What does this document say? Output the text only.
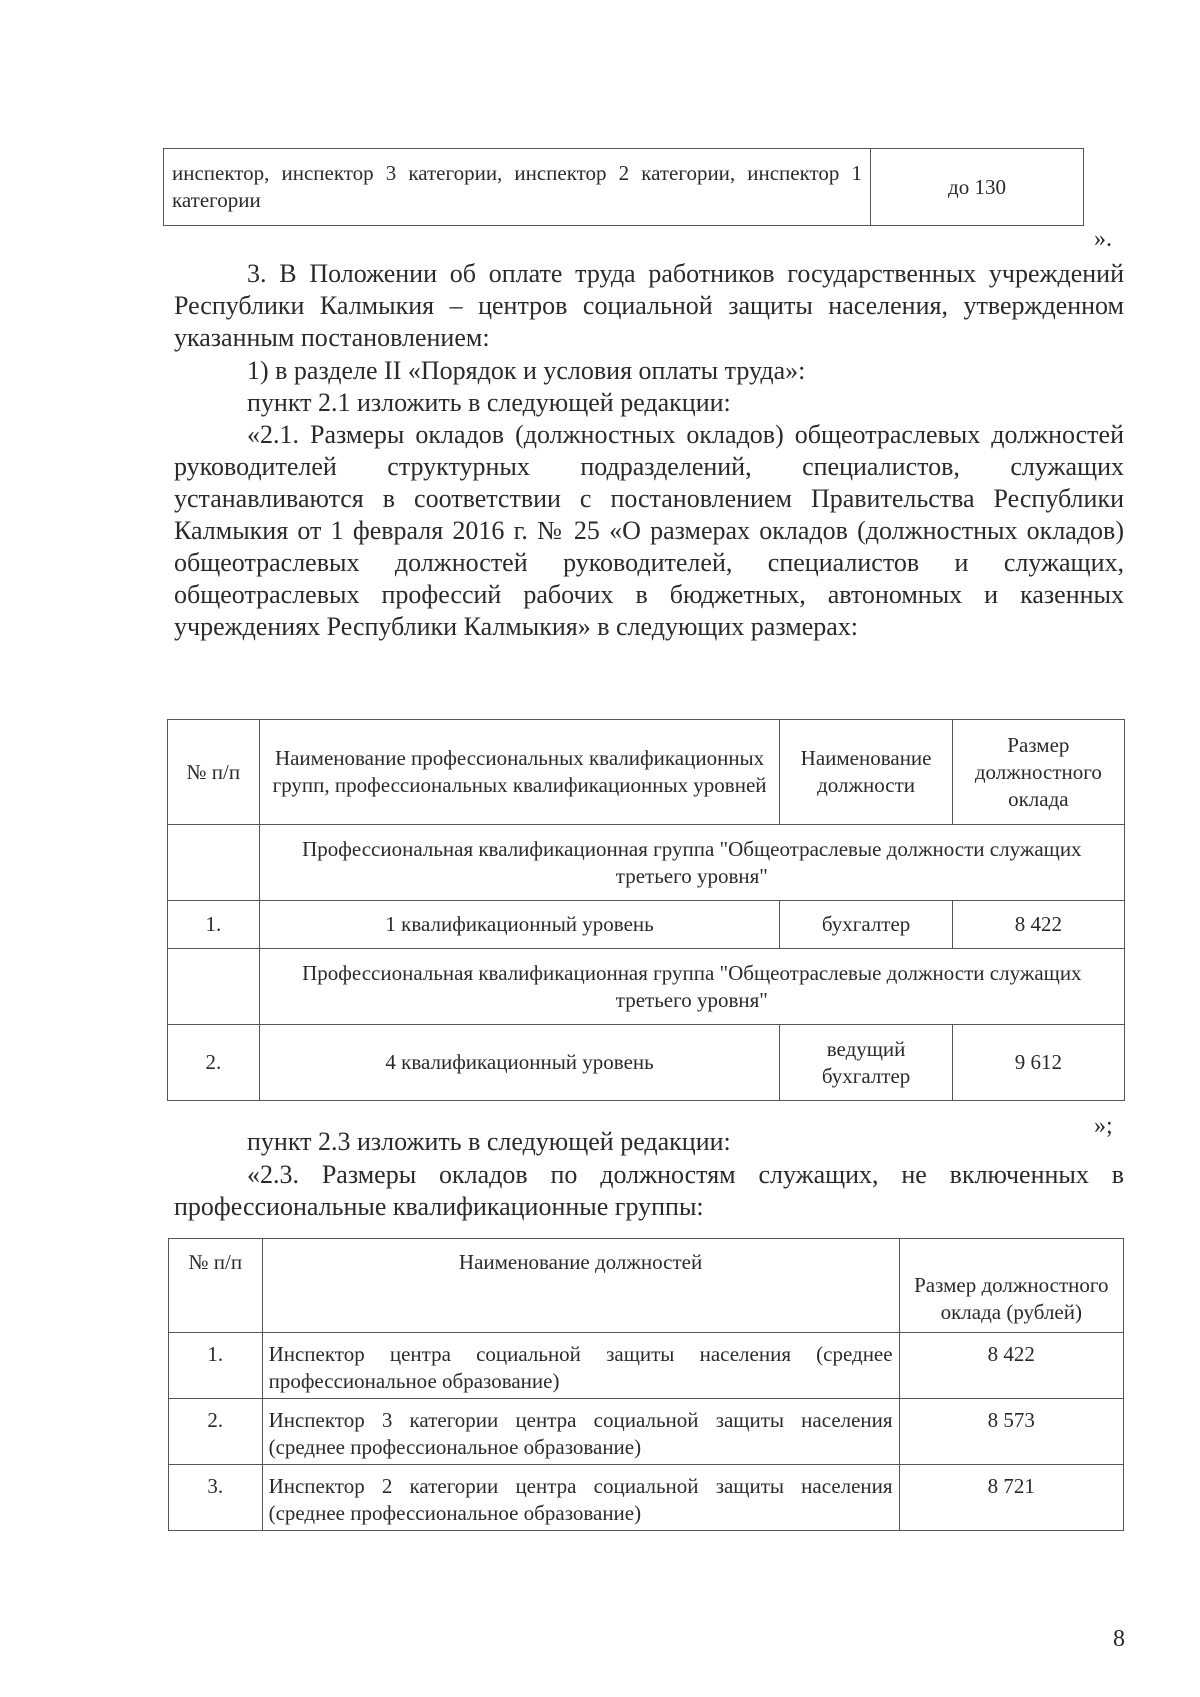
инспектор, инспектор 3 категории, инспектор 2 категории, инспектор 1 категории	до 130
».

3. В Положении об оплате труда работников государственных учреждений Республики Калмыкия – центров социальной защиты населения, утвержденном указанным постановлением:

1) в разделе II «Порядок и условия оплаты труда»:

пункт 2.1 изложить в следующей редакции:

«2.1. Размеры окладов (должностных окладов) общеотраслевых должностей руководителей структурных подразделений, специалистов, служащих устанавливаются в соответствии с постановлением Правительства Республики Калмыкия от 1 февраля 2016 г. № 25 «О размерах окладов (должностных окладов) общеотраслевых должностей руководителей, специалистов и служащих, общеотраслевых профессий рабочих в бюджетных, автономных и казенных учреждениях Республики Калмыкия» в следующих размерах:

№ п/п	Наименование профессиональных квалификационных групп, профессиональных квалификационных уровней	Наименование должности	Размер должностного оклада
	Профессиональная квалификационная группа "Общеотраслевые должности служащих третьего уровня"		
1.	1 квалификационный уровень	бухгалтер	8 422
	Профессиональная квалификационная группа "Общеотраслевые должности служащих третьего уровня"		
2.	4 квалификационный уровень	ведущий бухгалтер	9 612
»;

пункт 2.3 изложить в следующей редакции:

«2.3. Размеры окладов по должностям служащих, не включенных в профессиональные квалификационные группы:

№ п/п	Наименование должностей	Размер должностного оклада (рублей)
1.	Инспектор центра социальной защиты населения (среднее профессиональное образование)	8 422
2.	Инспектор 3 категории центра социальной защиты населения (среднее профессиональное образование)	8 573
3.	Инспектор 2 категории центра социальной защиты населения (среднее профессиональное образование)	8 721
8
